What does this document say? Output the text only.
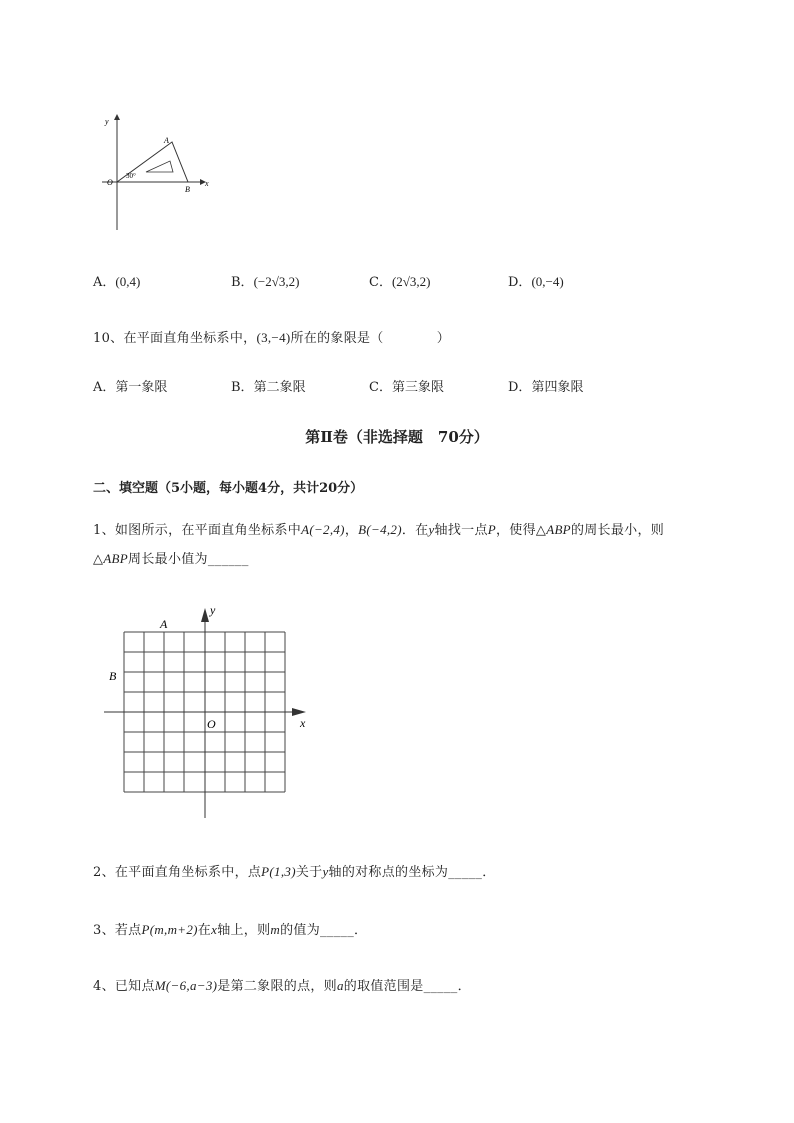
y
x
O
A
B
30°
A．(0,4)	B．(−2√3,2)	C．(2√3,2)	D．(0,−4)
10、在平面直角坐标系中，(3,−4)所在的象限是（　　　　）
A．第一象限	B．第二象限	C．第三象限	D．第四象限
第Ⅱ卷（非选择题　70分）
二、填空题（5小题，每小题4分，共计20分）
1、如图所示，在平面直角坐标系中A(−2,4)，B(−4,2)．在y轴找一点P，使得△ABP的周长最小，则
△ABP周长最小值为______
A
B
O	x
y
2、在平面直角坐标系中，点P(1,3)关于y轴的对称点的坐标为_____．
3、若点P(m,m+2)在x轴上，则m的值为_____．
4、已知点M(−6,a−3)是第二象限的点，则a的取值范围是_____．
